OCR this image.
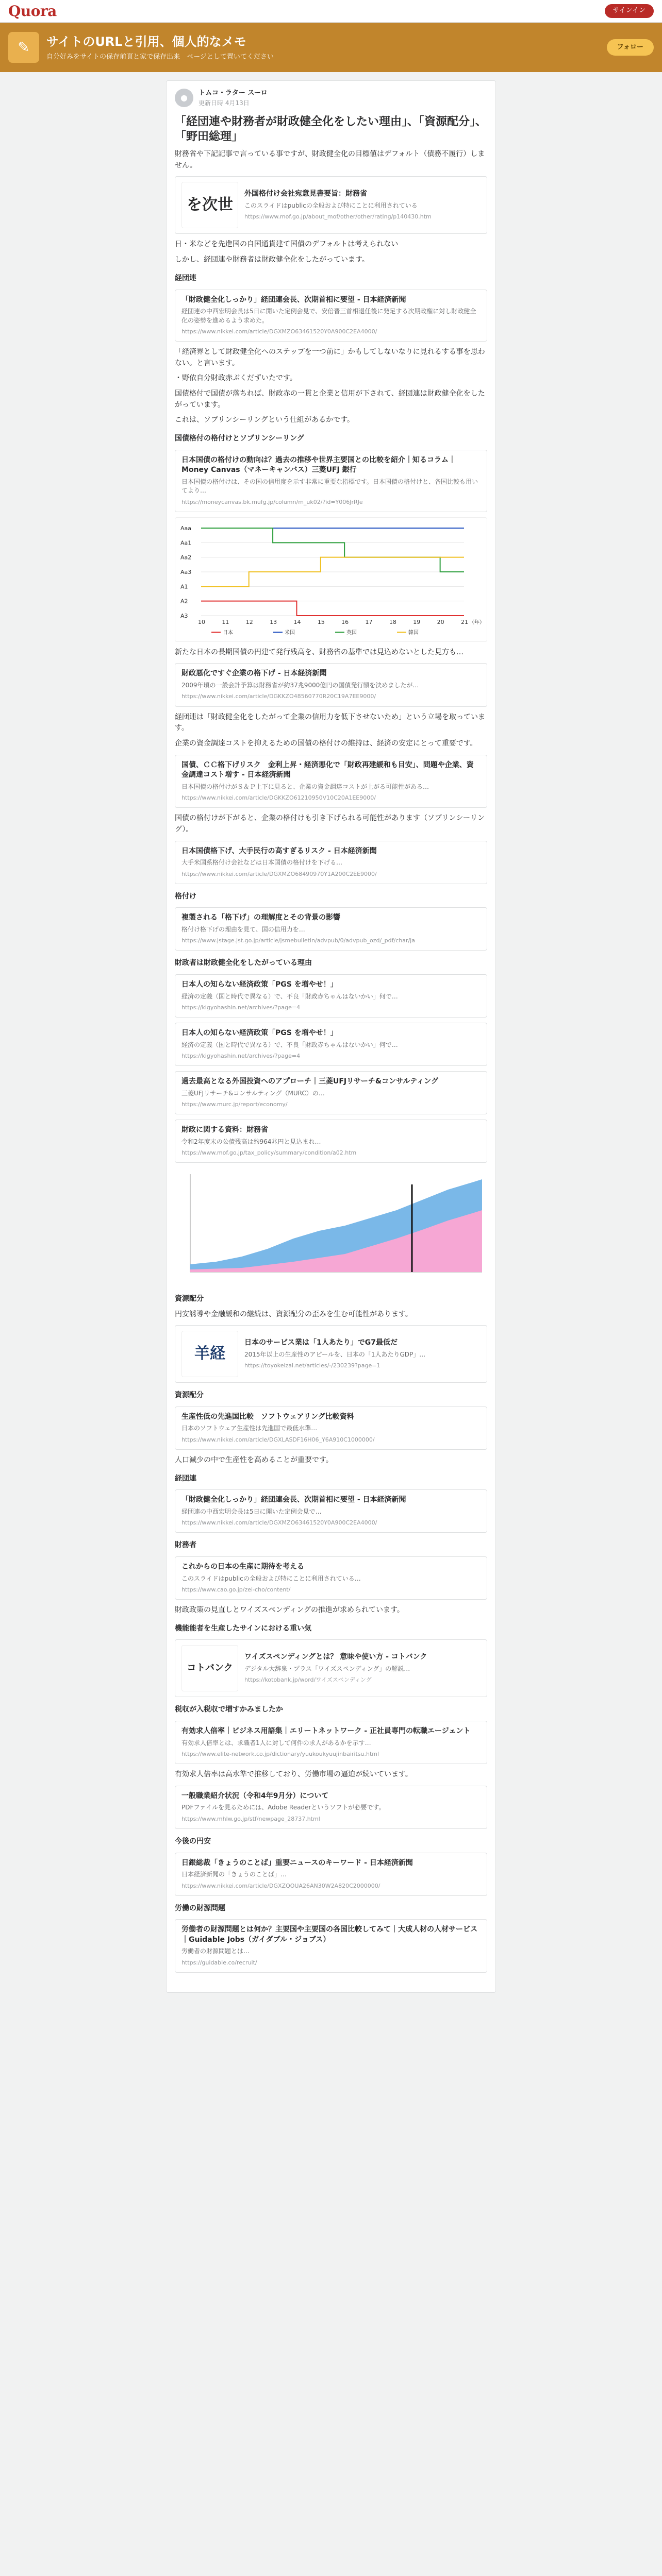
Quora	サインイン
✎	サイトのURLと引用、個人的なメモ
自分好みをサイトの保存前頁と家で保存出来　ページとして置いてください
フォロー
●	トムコ・ラター スーロ
更新日時 4月13日
「経団連や財務者が財政健全化をしたい理由」、「資源配分」、「野田総理」

財務省や下記記事で言っている事ですが、財政健全化の目標値はデフォルト（債務不履行）しません。

を次世
外国格付け会社宛意見書要旨：財務省
このスライドはpublicの全般および特にことに利用されている
https://www.mof.go.jp/about_mof/other/other/rating/p140430.htm

日・米などを先進国の自国通貨建て国債のデフォルトは考えられない

しかし、経団連や財務者は財政健全化をしたがっています。

経団連
「財政健全化しっかり」経団連会長、次期首相に要望 - 日本経済新聞
経団連の中西宏明会長は5日に開いた定例会見で、安倍晋三首相退任後に発足する次期政権に対し財政健全化の姿勢を進めるよう求めた。
https://www.nikkei.com/article/DGXMZO63461520Y0A900C2EA4000/

「経済界として財政健全化へのステップを一つ前に」かもしてしないなりに見れるする事を思わない。と言います。

・野依自分財政赤ぶくだずいたです。

国債格付で国債が落ちれば、財政赤の一貫と企業と信用が下されて、経団連は財政健全化をしたがっています。

これは、ソブリンシーリングという仕組があるかです。

国債格付の格付けとソブリンシーリング
日本国債の格付けの動向は？過去の推移や世界主要国との比較を紹介｜知るコラム｜Money Canvas（マネーキャンバス）三菱UFJ 銀行
日本国債の格付けは、その国の信用度を示す非常に重要な指標です。日本国債の格付けと、各国比較も用いてより…
https://moneycanvas.bk.mufg.jp/column/m_uk02/?id=Y006JrRJe
Aaa
Aa1
Aa2
Aa3
A1
A2
A3
10	11	12	13	14	15	16	17	18	19	20	21 （年）
日本	米国	英国	韓国

新たな日本の長期国債の円建て発行残高を、財務省の基準では見込めないとした見方も…

財政悪化ですぐ企業の格下げ - 日本経済新聞
2009年頃の一般会計予算は財務省が約37兆9000億円の国債発行額を決めましたが…
https://www.nikkei.com/article/DGKKZO48560770R20C19A7EE9000/

経団連は「財政健全化をしたがって企業の信用力を低下させないため」という立場を取っています。

企業の資金調達コストを抑えるための国債の格付けの維持は、経済の安定にとって重要です。

国債、ＣＣ格下げリスク　金利上昇・経済悪化で「財政再建緩和も目安」、問題や企業、資金調達コスト増す - 日本経済新聞
日本国債の格付けがＳ＆Ｐ上下に見ると、企業の資金調達コストが上がる可能性がある…
https://www.nikkei.com/article/DGKKZO61210950V10C20A1EE9000/

国債の格付けが下がると、企業の格付けも引き下げられる可能性があります（ソブリンシーリング）。

日本国債格下げ、大手民行の高すぎるリスク - 日本経済新聞
大手米国系格付け会社などは日本国債の格付けを下げる…
https://www.nikkei.com/article/DGXMZO68490970Y1A200C2EE9000/
格付け
複製される「格下げ」の理解度とその背景の影響
格付け格下げの理由を見て、国の信用力を…
https://www.jstage.jst.go.jp/article/jsmebulletin/advpub/0/advpub_ozd/_pdf/char/ja
財政者は財政健全化をしたがっている理由
日本人の知らない経済政策「PGS を増やせ！」
経済の定義（国と時代で異なる）で、不良「財政赤ちゃんはないかい」何で…
https://kigyohashin.net/archives/?page=4
日本人の知らない経済政策「PGS を増やせ！」
経済の定義（国と時代で異なる）で、不良「財政赤ちゃんはないかい」何で…
https://kigyohashin.net/archives/?page=4
過去最高となる外国投資へのアプローチ｜三菱UFJリサーチ&コンサルティング
三菱UFJリサーチ&コンサルティング（MURC）の…
https://www.murc.jp/report/economy/
財政に関する資料：財務省
令和2年度末の公債残高は約964兆円と見込まれ…
https://www.mof.go.jp/tax_policy/summary/condition/a02.htm
資源配分

円安誘導や金融緩和の継続は、資源配分の歪みを生む可能性があります。

羊経
日本のサービス業は「1人あたり」でG7最低だ
2015年以上の生産性のアピールを、日本の「1人あたりGDP」…
https://toyokeizai.net/articles/-/230239?page=1
資源配分
生産性低の先進国比較　ソフトウェアリング比較資料
日本のソフトウェア生産性は先進国で最低水準…
https://www.nikkei.com/article/DGXLASDF16H06_Y6A910C1000000/

人口減少の中で生産性を高めることが重要です。

経団連
「財政健全化しっかり」経団連会長、次期首相に要望 - 日本経済新聞
経団連の中西宏明会長は5日に開いた定例会見で…
https://www.nikkei.com/article/DGXMZO63461520Y0A900C2EA4000/
財務者
これからの日本の生産に期待を考える
このスライドはpublicの全般および特にことに利用されている…
https://www.cao.go.jp/zei-cho/content/

財政政策の見直しとワイズスペンディングの推進が求められています。

機能能者を生産したサインにおける重い気
コトバンク
ワイズスペンディングとは？ 意味や使い方 - コトバンク
デジタル大辞泉・プラス「ワイズスペンディング」の解説…
https://kotobank.jp/word/ワイズスペンディング
税収が入税収で増すかみましたか
有効求人倍率｜ビジネス用語集｜エリートネットワーク - 正社員専門の転職エージェント
有効求人倍率とは、求職者1人に対して何件の求人があるかを示す…
https://www.elite-network.co.jp/dictionary/yuukoukyuujinbairitsu.html

有効求人倍率は高水準で推移しており、労働市場の逼迫が続いています。

一般職業紹介状況（令和4年9月分）について
PDFファイルを見るためには、Adobe Readerというソフトが必要です。
https://www.mhlw.go.jp/stf/newpage_28737.html
今後の円安
日銀総裁「きょうのことば」重要ニュースのキーワード - 日本経済新聞
日本経済新聞の「きょうのことば」…
https://www.nikkei.com/article/DGXZQOUA26AN30W2A820C2000000/
労働の財源問題
労働者の財源問題とは何か？主要国や主要国の各国比較してみて｜大成人材の人材サービス｜Guidable Jobs（ガイダブル・ジョブス）
労働者の財源問題とは…
https://guidable.co/recruit/
